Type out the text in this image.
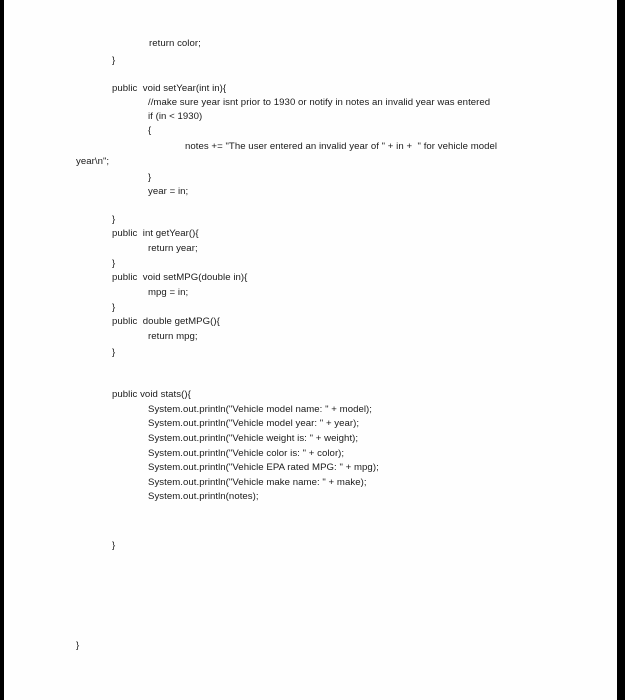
return color;
}
public  void setYear(int in){
//make sure year isnt prior to 1930 or notify in notes an invalid year was entered
if (in < 1930)
{
notes += "The user entered an invalid year of " + in +  " for vehicle model
year\n";
}
year = in;
}
public  int getYear(){
return year;
}
public  void setMPG(double in){
mpg = in;
}
public  double getMPG(){
return mpg;
}
public void stats(){
System.out.println("Vehicle model name: " + model);
System.out.println("Vehicle model year: " + year);
System.out.println("Vehicle weight is: " + weight);
System.out.println("Vehicle color is: " + color);
System.out.println("Vehicle EPA rated MPG: " + mpg);
System.out.println("Vehicle make name: " + make);
System.out.println(notes);
}
}
